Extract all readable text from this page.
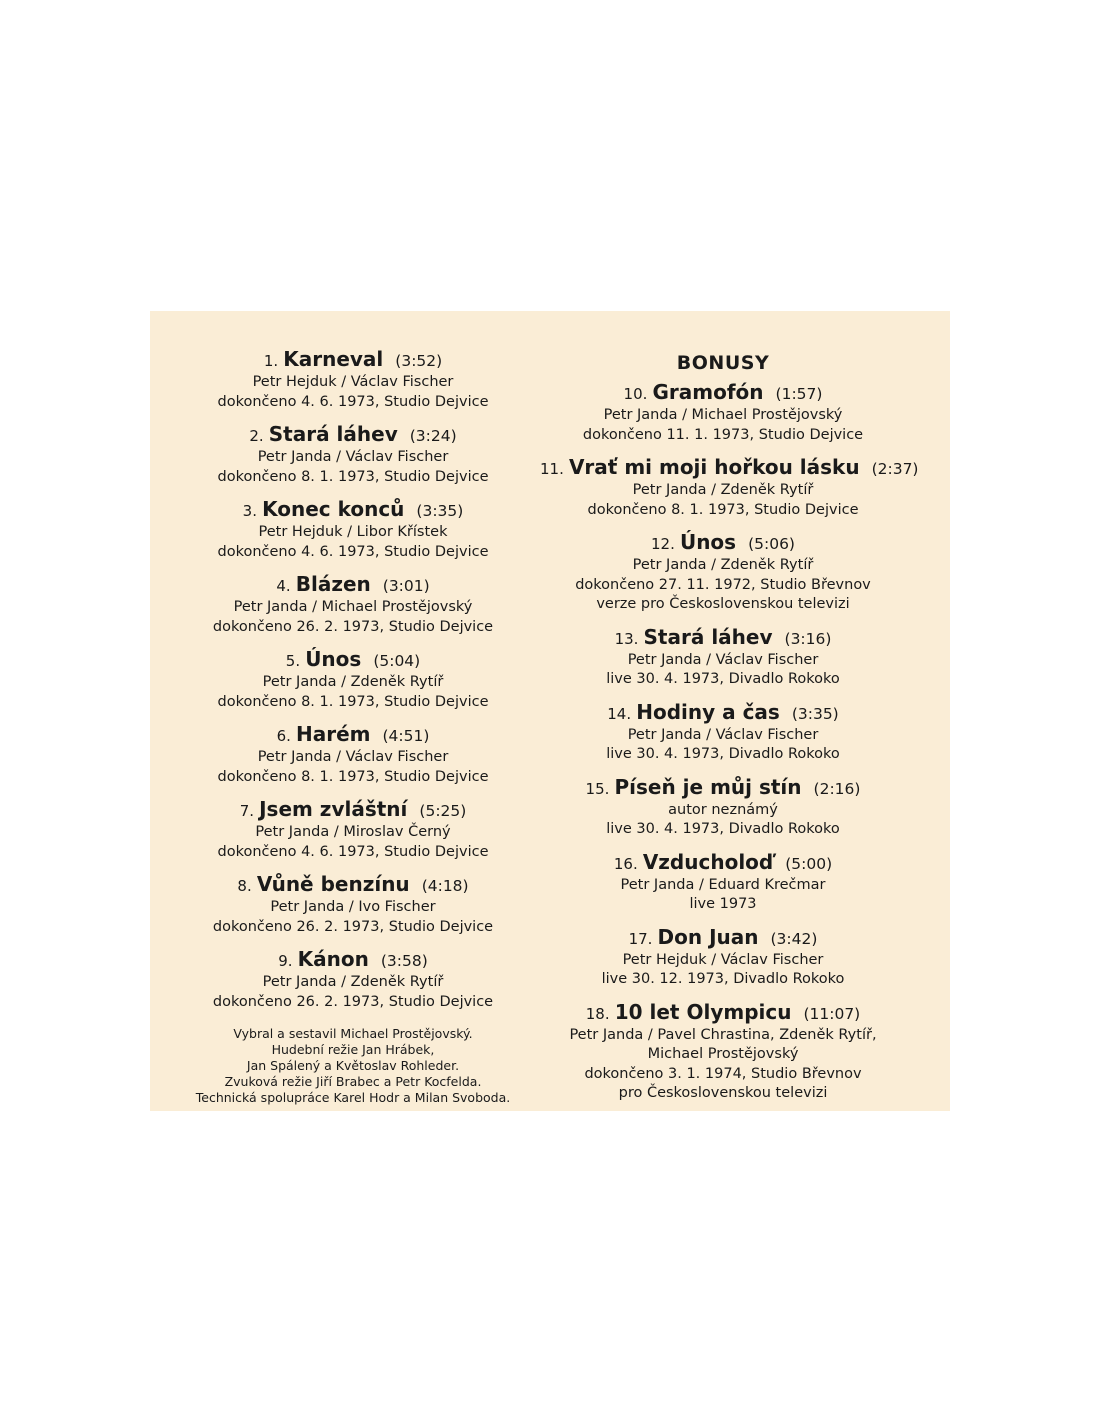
1. Karneval (3:52)
Petr Hejduk / Václav Fischer
dokončeno 4. 6. 1973, Studio Dejvice
2. Stará láhev (3:24)
Petr Janda / Václav Fischer
dokončeno 8. 1. 1973, Studio Dejvice
3. Konec konců (3:35)
Petr Hejduk / Libor Křístek
dokončeno 4. 6. 1973, Studio Dejvice
4. Blázen (3:01)
Petr Janda / Michael Prostějovský
dokončeno 26. 2. 1973, Studio Dejvice
5. Únos (5:04)
Petr Janda / Zdeněk Rytíř
dokončeno 8. 1. 1973, Studio Dejvice
6. Harém (4:51)
Petr Janda / Václav Fischer
dokončeno 8. 1. 1973, Studio Dejvice
7. Jsem zvláštní (5:25)
Petr Janda / Miroslav Černý
dokončeno 4. 6. 1973, Studio Dejvice
8. Vůně benzínu (4:18)
Petr Janda / Ivo Fischer
dokončeno 26. 2. 1973, Studio Dejvice
9. Kánon (3:58)
Petr Janda / Zdeněk Rytíř
dokončeno 26. 2. 1973, Studio Dejvice
Vybral a sestavil Michael Prostějovský.
Hudební režie Jan Hrábek,
Jan Spálený a Květoslav Rohleder.
Zvuková režie Jiří Brabec a Petr Kocfelda.
Technická spolupráce Karel Hodr a Milan Svoboda.
BONUSY
10. Gramofón (1:57)
Petr Janda / Michael Prostějovský
dokončeno 11. 1. 1973, Studio Dejvice
11. Vrať mi moji hořkou lásku (2:37)
Petr Janda / Zdeněk Rytíř
dokončeno 8. 1. 1973, Studio Dejvice
12. Únos (5:06)
Petr Janda / Zdeněk Rytíř
dokončeno 27. 11. 1972, Studio Břevnov
verze pro Československou televizi
13. Stará láhev (3:16)
Petr Janda / Václav Fischer
live 30. 4. 1973, Divadlo Rokoko
14. Hodiny a čas (3:35)
Petr Janda / Václav Fischer
live 30. 4. 1973, Divadlo Rokoko
15. Píseň je můj stín (2:16)
autor neznámý
live 30. 4. 1973, Divadlo Rokoko
16. Vzducholoď (5:00)
Petr Janda / Eduard Krečmar
live 1973
17. Don Juan (3:42)
Petr Hejduk / Václav Fischer
live 30. 12. 1973, Divadlo Rokoko
18. 10 let Olympicu (11:07)
Petr Janda / Pavel Chrastina, Zdeněk Rytíř,
Michael Prostějovský
dokončeno 3. 1. 1974, Studio Břevnov
pro Československou televizi
